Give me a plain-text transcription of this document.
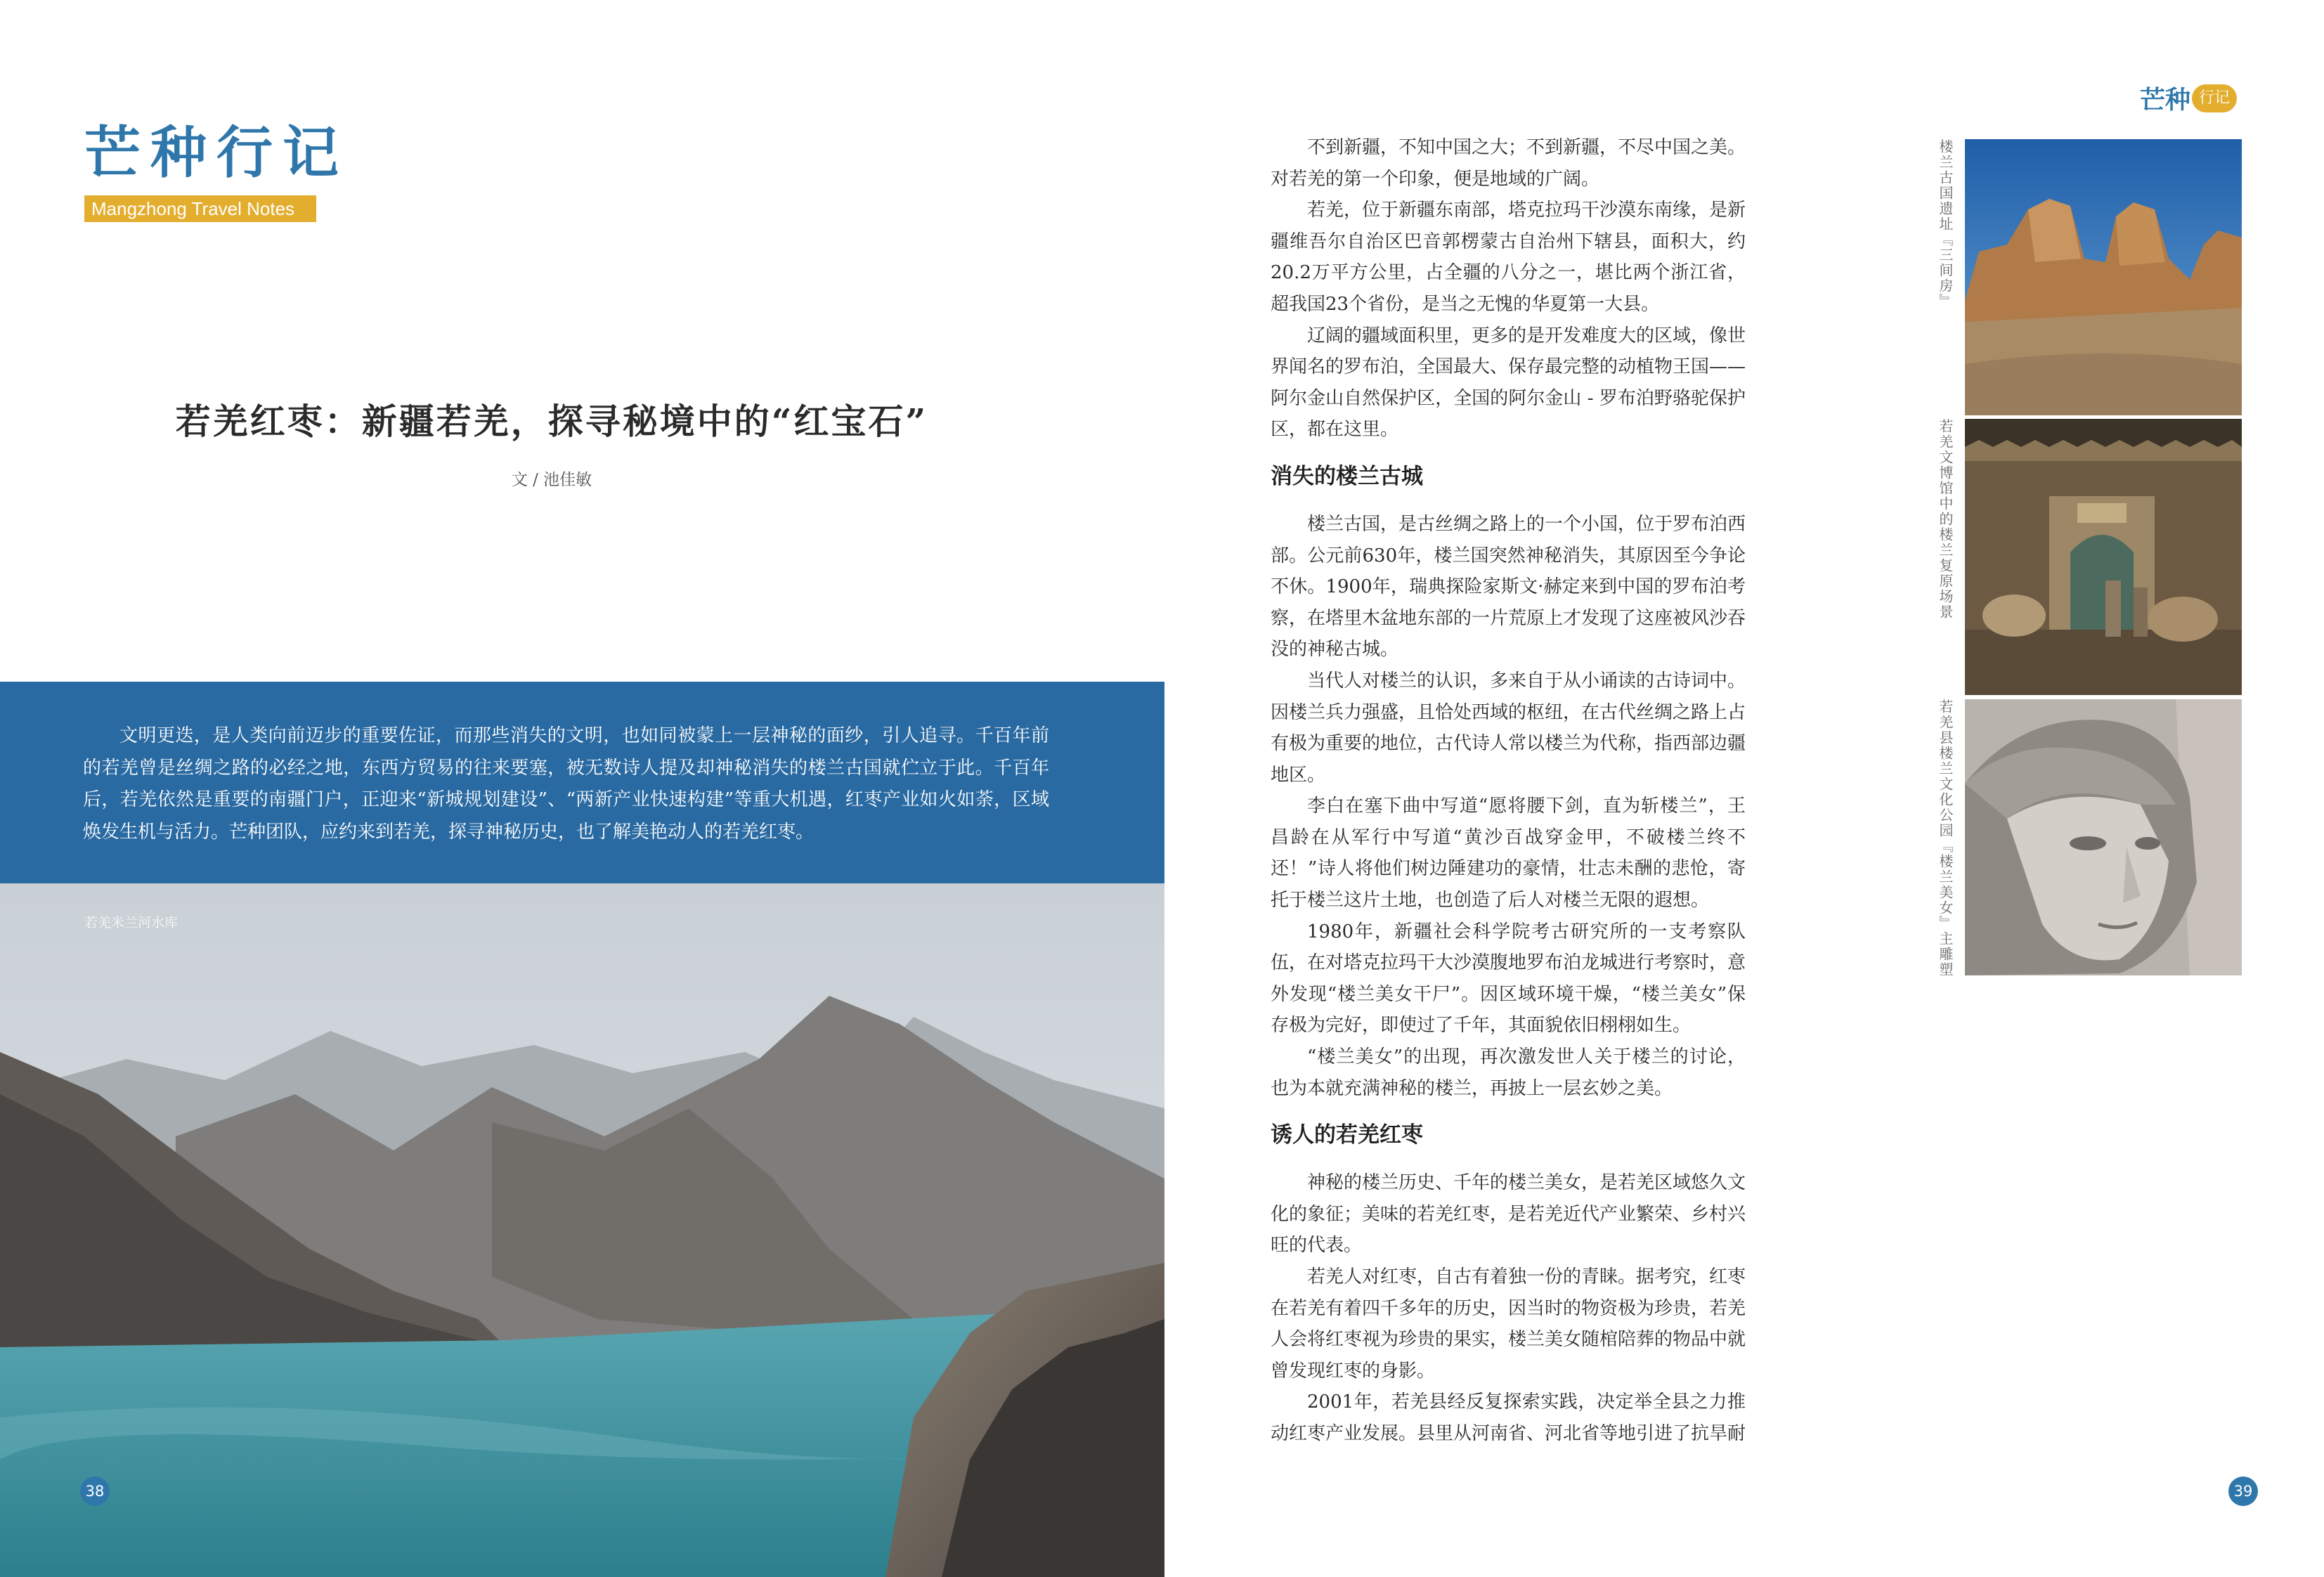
芒种行记
Mangzhong Travel Notes
若羌红枣：新疆若羌，探寻秘境中的“红宝石”
文 / 池佳敏

文明更迭，是人类向前迈步的重要佐证，而那些消失的文明，也如同被蒙上一层神秘的面纱，引人追寻。千百年前的若羌曾是丝绸之路的必经之地，东西方贸易的往来要塞，被无数诗人提及却神秘消失的楼兰古国就伫立于此。千百年后，若羌依然是重要的南疆门户，正迎来“新城规划建设”、“两新产业快速构建”等重大机遇，红枣产业如火如荼，区域焕发生机与活力。芒种团队，应约来到若羌，探寻神秘历史，也了解美艳动人的若羌红枣。

若羌米兰河水库
38
芒种 行记

不到新疆，不知中国之大；不到新疆，不尽中国之美。对若羌的第一个印象，便是地域的广阔。

若羌，位于新疆东南部，塔克拉玛干沙漠东南缘，是新疆维吾尔自治区巴音郭楞蒙古自治州下辖县，面积大，约20.2万平方公里，占全疆的八分之一，堪比两个浙江省，超我国23个省份，是当之无愧的华夏第一大县。

辽阔的疆域面积里，更多的是开发难度大的区域，像世界闻名的罗布泊，全国最大、保存最完整的动植物王国——阿尔金山自然保护区，全国的阿尔金山 - 罗布泊野骆驼保护区，都在这里。

消失的楼兰古城

楼兰古国，是古丝绸之路上的一个小国，位于罗布泊西部。公元前630年，楼兰国突然神秘消失，其原因至今争论不休。1900年，瑞典探险家斯文·赫定来到中国的罗布泊考察，在塔里木盆地东部的一片荒原上才发现了这座被风沙吞没的神秘古城。

当代人对楼兰的认识，多来自于从小诵读的古诗词中。因楼兰兵力强盛，且恰处西域的枢纽，在古代丝绸之路上占有极为重要的地位，古代诗人常以楼兰为代称，指西部边疆地区。

李白在塞下曲中写道“愿将腰下剑，直为斩楼兰”，王昌龄在从军行中写道“黄沙百战穿金甲，不破楼兰终不还！”诗人将他们树边陲建功的豪情，壮志未酬的悲怆，寄托于楼兰这片土地，也创造了后人对楼兰无限的遐想。

1980年，新疆社会科学院考古研究所的一支考察队伍，在对塔克拉玛干大沙漠腹地罗布泊龙城进行考察时，意外发现“楼兰美女干尸”。因区域环境干燥，“楼兰美女”保存极为完好，即使过了千年，其面貌依旧栩栩如生。

“楼兰美女”的出现，再次激发世人关于楼兰的讨论，也为本就充满神秘的楼兰，再披上一层玄妙之美。

诱人的若羌红枣

神秘的楼兰历史、千年的楼兰美女，是若羌区域悠久文化的象征；美味的若羌红枣，是若羌近代产业繁荣、乡村兴旺的代表。

若羌人对红枣，自古有着独一份的青睐。据考究，红枣在若羌有着四千多年的历史，因当时的物资极为珍贵，若羌人会将红枣视为珍贵的果实，楼兰美女随棺陪葬的物品中就曾发现红枣的身影。

2001年，若羌县经反复探索实践，决定举全县之力推动红枣产业发展。县里从河南省、河北省等地引进了抗旱耐

楼兰古国遗址『三间房』
若羌文博馆中的楼兰复原场景
若羌县楼兰文化公园『楼兰美女』主雕塑
39
